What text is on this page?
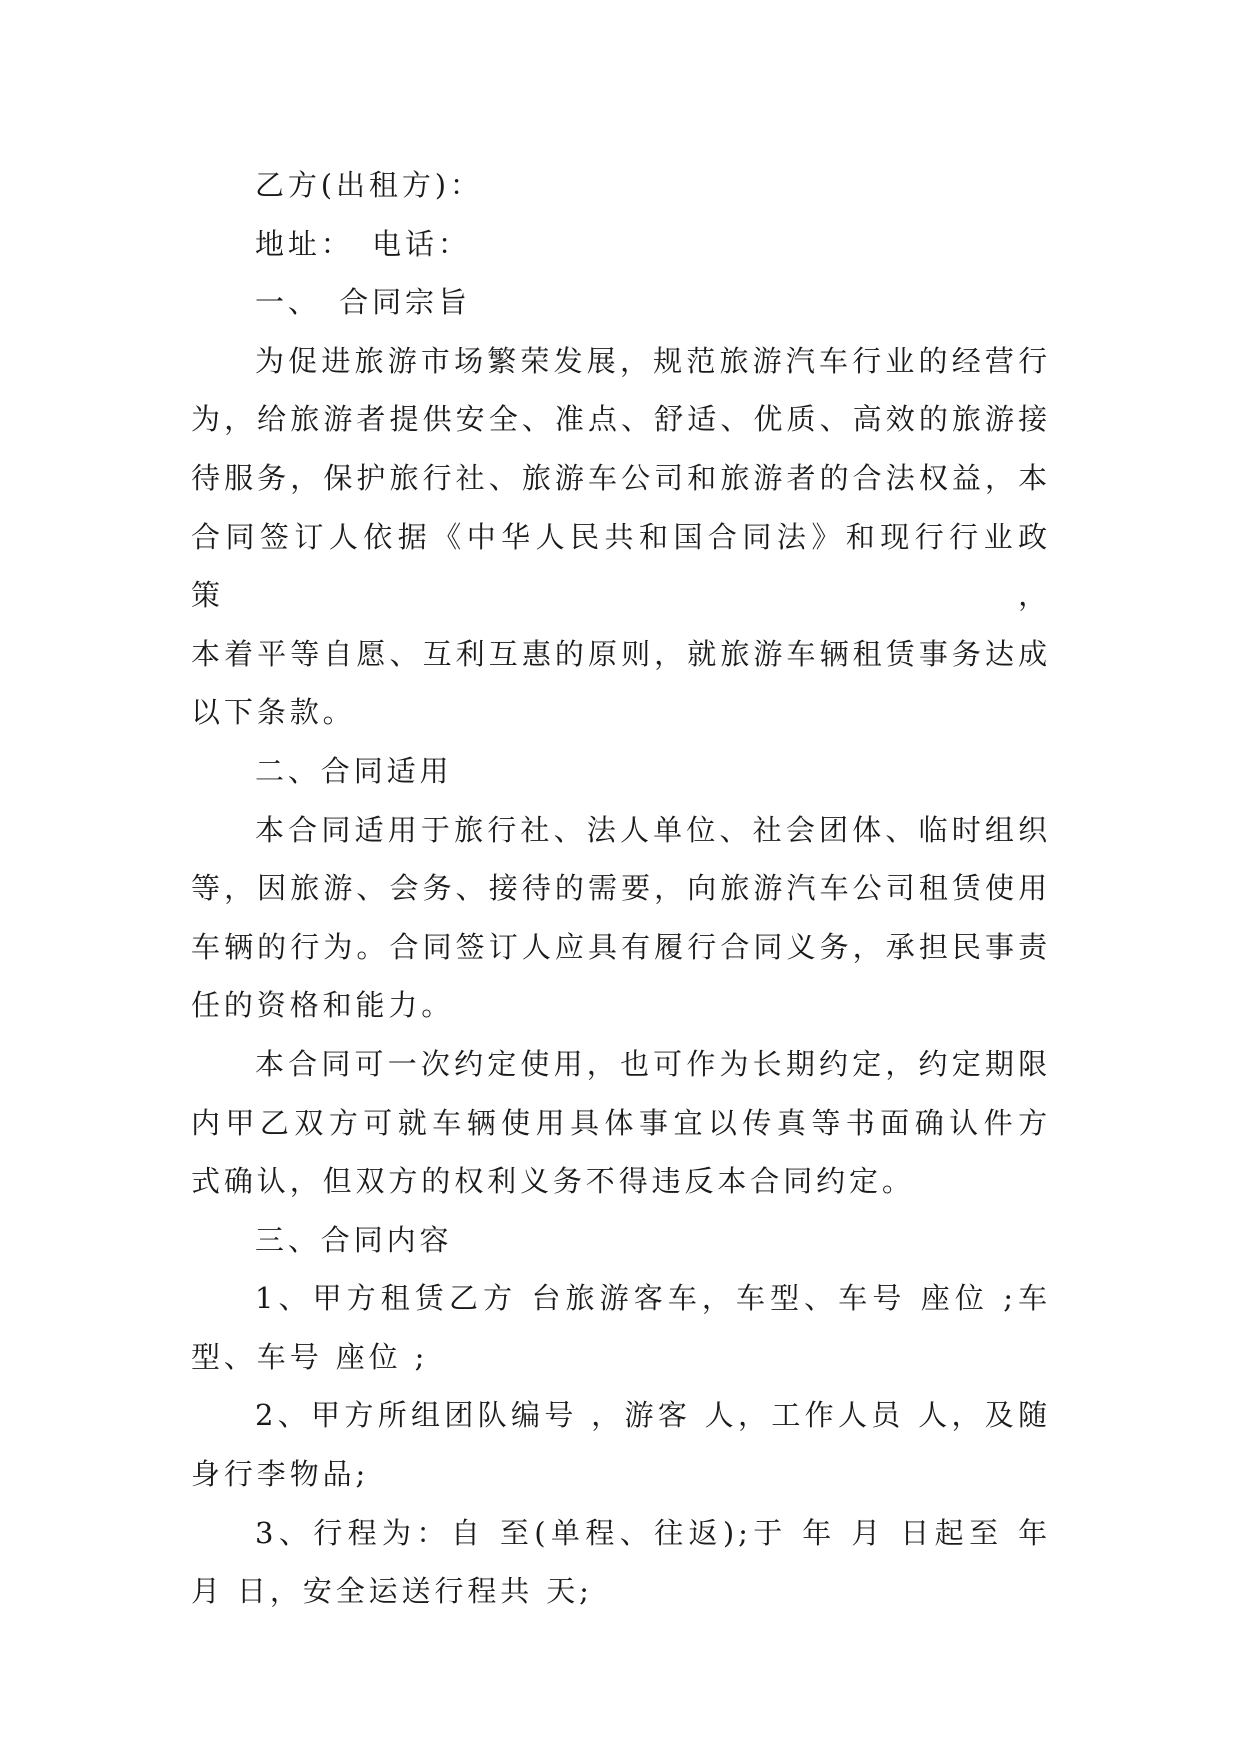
乙方(出租方)：

地址：　电话：

一、　合同宗旨

为促进旅游市场繁荣发展，规范旅游汽车行业的经营行

为，给旅游者提供安全、准点、舒适、优质、高效的旅游接

待服务，保护旅行社、旅游车公司和旅游者的合法权益，本

合同签订人依据《中华人民共和国合同法》和现行行业政策，

本着平等自愿、互利互惠的原则，就旅游车辆租赁事务达成

以下条款。

二、合同适用

本合同适用于旅行社、法人单位、社会团体、临时组织

等，因旅游、会务、接待的需要，向旅游汽车公司租赁使用

车辆的行为。合同签订人应具有履行合同义务，承担民事责

任的资格和能力。

本合同可一次约定使用，也可作为长期约定，约定期限

内甲乙双方可就车辆使用具体事宜以传真等书面确认件方

式确认，但双方的权利义务不得违反本合同约定。

三、合同内容

1、甲方租赁乙方 台旅游客车，车型、车号 座位 ;车

型、车号 座位 ;

2、甲方所组团队编号 ，游客 人，工作人员 人，及随

身行李物品;

3、行程为：自 至(单程、往返);于 年 月 日起至 年

月 日，安全运送行程共 天;
